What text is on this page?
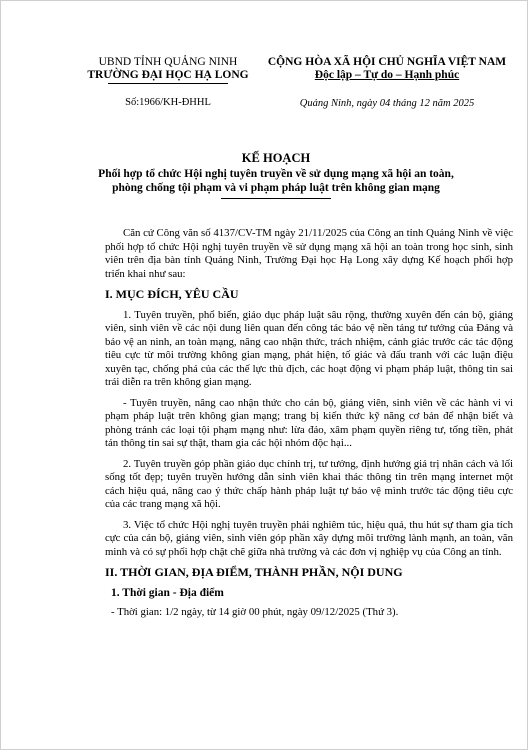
UBND TỈNH QUẢNG NINH
TRƯỜNG ĐẠI HỌC HẠ LONG
CỘNG HÒA XÃ HỘI CHỦ NGHĨA VIỆT NAM
Độc lập – Tự do – Hạnh phúc
Số:1966/KH-ĐHHL	Quảng Ninh, ngày 04 tháng 12 năm 2025
KẾ HOẠCH
Phối hợp tổ chức Hội nghị tuyên truyền về sử dụng mạng xã hội an toàn,
phòng chống tội phạm và vi phạm pháp luật trên không gian mạng

Căn cứ Công văn số 4137/CV-TM ngày 21/11/2025 của Công an tỉnh Quảng Ninh về việc phối hợp tổ chức Hội nghị tuyên truyền về sử dụng mạng xã hội an toàn trong học sinh, sinh viên trên địa bàn tỉnh Quảng Ninh, Trường Đại học Hạ Long xây dựng Kế hoạch phối hợp triển khai như sau:

I. MỤC ĐÍCH, YÊU CẦU

1. Tuyên truyền, phổ biến, giáo dục pháp luật sâu rộng, thường xuyên đến cán bộ, giảng viên, sinh viên về các nội dung liên quan đến công tác bảo vệ nền tảng tư tưởng của Đảng và bảo vệ an ninh, an toàn mạng, nâng cao nhận thức, trách nhiệm, cảnh giác trước các tác động tiêu cực từ môi trường không gian mạng, phát hiện, tố giác và đấu tranh với các luận điệu xuyên tạc, chống phá của các thế lực thù địch, các hoạt động vi phạm pháp luật, thông tin sai trái diễn ra trên không gian mạng.

- Tuyên truyền, nâng cao nhận thức cho cán bộ, giảng viên, sinh viên về các hành vi vi phạm pháp luật trên không gian mạng; trang bị kiến thức kỹ năng cơ bản để nhận biết và phòng tránh các loại tội phạm mạng như: lừa đảo, xâm phạm quyền riêng tư, tống tiền, phát tán thông tin sai sự thật, tham gia các hội nhóm độc hại...

2. Tuyên truyền góp phần giáo dục chính trị, tư tưởng, định hướng giá trị nhân cách và lối sống tốt đẹp; tuyên truyền hướng dẫn sinh viên khai thác thông tin trên mạng internet một cách hiệu quả, nâng cao ý thức chấp hành pháp luật tự bảo vệ mình trước tác động tiêu cực của các trang mạng xã hội.

3. Việc tổ chức Hội nghị tuyên truyền phải nghiêm túc, hiệu quả, thu hút sự tham gia tích cực của cán bộ, giảng viên, sinh viên góp phần xây dựng môi trường lành mạnh, an toàn, văn minh và có sự phối hợp chặt chẽ giữa nhà trường và các đơn vị nghiệp vụ của Công an tỉnh.

II. THỜI GIAN, ĐỊA ĐIỂM, THÀNH PHẦN, NỘI DUNG
1. Thời gian - Địa điểm

- Thời gian: 1/2 ngày, từ 14 giờ 00 phút, ngày 09/12/2025 (Thứ 3).
